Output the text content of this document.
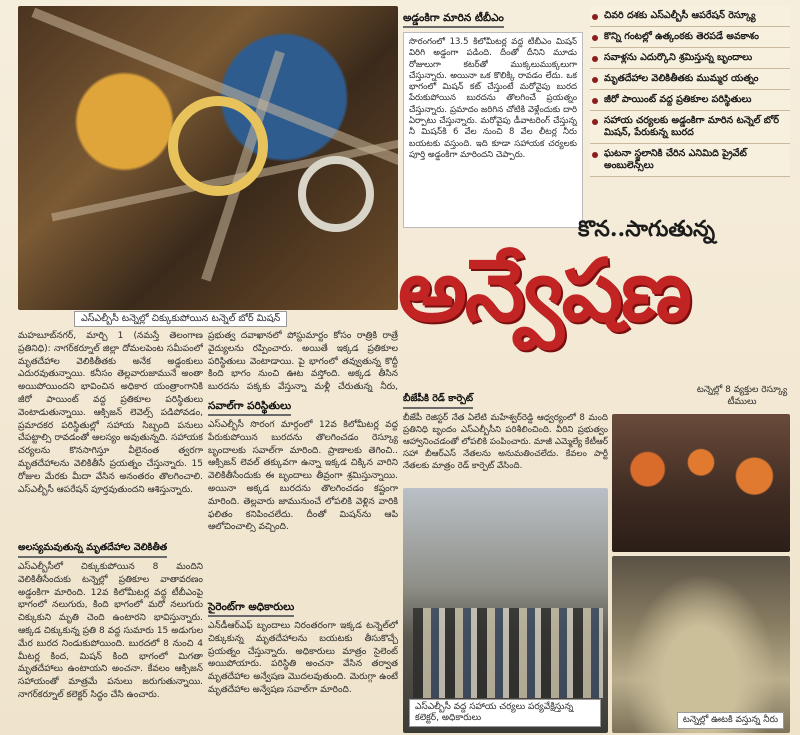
ఎస్ఎల్బీసీ టన్నెల్లో చిక్కుకుపోయిన టన్నెల్ బోర్ మిషన్
అడ్డంకిగా మారిన టీబీఎం
సొరంగంలో 13.5 కిలోమీటర్ల వద్ద టీబీఎం మిషన్ విరిగి అడ్డంగా పడింది. దీంతో దీనిని మూడు రోజులుగా కటర్‌తో ముక్కలుముక్కలుగా చేస్తున్నారు. అయినా ఒక కొలిక్కి రావడం లేదు. ఒక భాగంలో మిషన్ కట్ చేస్తుంటే మరోవైపు బురద పేరుకుపోయిన బురదను తొలగించే ప్రయత్నం చేస్తున్నారు. ప్రమాదం జరిగిన చోటికి వెళ్లేందుకు దారి ఏర్పాటు చేస్తున్నారు. మరోవైపు డీవాటరింగ్ చేస్తున్న నీ మిషన్‌కి 6 వేల నుంచి 8 వేల లీటర్ల నీరు బయటకు వస్తుంది. ఇది కూడా సహాయక చర్యలకు పూర్తి అడ్డంకిగా మారిందని చెప్పారు.
చివరి దశకు ఎస్ఎల్బీసీ ఆపరేషన్ రెస్క్యూ
కొన్ని గంటల్లో ఉత్కంఠకు తెరపడే అవకాశం
సవాళ్లను ఎదుర్కొని శ్రమిస్తున్న బృందాలు
మృతదేహాల వెలికితీతకు ముమ్మర యత్నం
జీరో పాయింట్ వద్ద ప్రతికూల పరిస్థితులు
సహాయ చర్యలకు అడ్డంకిగా మారిన టన్నెల్ బోర్ మిషన్, పేరుకున్న బురద
ఘటనా స్థలానికి చేరిన ఎనిమిది ప్రైవేట్ అంబులెన్స్‌లు
కొన..సాగుతున్న
అన్వేషణ
మహబూబ్‌నగర్, మార్చి 1 (నమస్తే తెలంగాణ ప్రతినిధి): నాగర్‌కర్నూల్ జిల్లా దోమలపెంట సమీపంలో మృతదేహాల వెలికితీతకు అనేక అడ్డంకులు ఎదురవుతున్నాయి. కనీసం తెల్లవారుజామునే అంతా అయిపోయిందని భావించిన అధికార యంత్రాంగానికి జీరో పాయింట్ వద్ద ప్రతికూల పరిస్థితులు వెంటాడుతున్నాయి. ఆక్సిజన్ లెవెల్స్ పడిపోవడం, ప్రమాదకర పరిస్థితుల్లో సహాయ సిబ్బంది పనులు చేపట్టాల్సి రావడంతో ఆలస్యం అవుతున్నది. సహాయక చర్యలను కొనసాగిస్తూ వీలైనంత త్వరగా మృతదేహాలను వెలికితీసే ప్రయత్నం చేస్తున్నారు. 15 రోజుల మేరకు మీదా వేసిన అనంతరం తొలగించాలి. ఎస్ఎల్బీసీ ఆపరేషన్ పూర్తవుతుందని ఆశిస్తున్నారు.
అలస్యమవుతున్న మృతదేహాల వెలికితీత
ఎస్ఎల్బీసీలో చిక్కుకుపోయిన 8 మందిని వెలికితీసేందుకు టన్నెల్లో ప్రతికూల వాతావరణం అడ్డంకిగా మారింది. 12వ కిలోమీటర్ల వద్ద టీబీఎంపై భాగంలో నలుగురు, కింది భాగంలో మరో నలుగురు చిక్కుకుని మృతి చెంది ఉంటారని భావిస్తున్నారు. ఆక్కడ చిక్కుకున్న ప్రతి 8 వద్ద సుమారు 15 అడుగుల మేర బురద నిండుకుపోయింది. బురదలో 8 నుంచి 4 మీటర్ల కింద, మిషన్ కింది భాగంలో మిగతా మృతదేహాలు ఉంటాయని అంచనా. కేవలం ఆక్సిజన్ సహాయంతో మాత్రమే పనులు జరుగుతున్నాయి. నాగర్‌కర్నూల్ కలెక్టర్ సిద్ధం చేసి ఉంచారు.
ప్రభుత్వ దవాఖానలో పోస్టుమార్టం కోసం రాత్రికి రాత్రే వైద్యులను రప్పించారు. అయితే ఇక్కడ ప్రతికూల పరిస్థితులు వెంటాడాయి. పై భాగంలో తవ్వుతున్న కొద్దీ కింది భాగం నుంచి ఊట వస్తోంది. అక్కడ తీసిన బురదను పక్కకు వేస్తున్నా మళ్లీ చేరుతున్న నీరు,
సవాల్‌గా పరిస్థితులు
ఎస్ఎల్బీసీ సొరంగ మార్గంలో 12వ కిలోమీటర్ల వద్ద పేరుకుపోయిన బురదను తొలగించడం రెస్క్యూ బృందాలకు సవాల్‌గా మారింది. ప్రాణాలకు తెగించి.. ఆక్సిజన్ లెవల్ తక్కువగా ఉన్నా ఇక్కడ చిక్కిన వారిని వెలికితీసేందుకు ఈ బృందాలు తీవ్రంగా శ్రమిస్తున్నాయి. అయినా అక్కడ బురదను తొలగించడం కష్టంగా మారింది. తెల్లవారు జామునుంచే లోపలికి వెళ్లిన వారికి ఫలితం కనిపించలేదు. దీంతో మిషన్‌ను ఆపి ఆలోచించాల్సి వచ్చింది.
సైరెంట్‌గా అధికారులు
ఎన్‌డీఆర్‌ఎఫ్ బృందాలు నిరంతరంగా ఇక్కడ టన్నెల్‌లో చిక్కుకున్న మృతదేహాలను బయటకు తీసుకొచ్చే ప్రయత్నం చేస్తున్నారు. అధికారులు మాత్రం సైలెంట్ అయిపోయారు. పరిస్థితి అంచనా వేసిన తర్వాత మృతదేహాల అన్వేషణ మొదలవుతుంది. మెరుగ్గా ఉంటే మృతదేహాల అన్వేషణ సవాల్‌గా మారింది.
బీజేపీకి రెడ్ కార్పెట్
బీజేపీ రెజిస్టర్ నేత ఏలేటి మహేశ్వర్‌రెడ్డి ఆధ్వర్యంలో 8 మంది ప్రతినిధి బృందం ఎస్ఎల్బీసీని పరిశీలించింది. వీరిని ప్రభుత్వం ఆహ్వానించడంతో లోపలికి పంపించారు. మాజీ ఎమ్మెల్యే కేటీఆర్ సహా బీఆర్ఎస్ నేతలను అనుమతించలేదు. కేవలం పార్టీ నేతలకు మాత్రం రెడ్ కార్పెట్ వేసింది.
టన్నెల్లో 8 వ్యక్తుల రెస్క్యూ టీములు
ఎస్ఎల్బీసీ వద్ద సహాయ చర్యలు పర్యవేక్షిస్తున్న కలెక్టర్, అధికారులు	టన్నెల్లో ఊటకి వస్తున్న నీరు
